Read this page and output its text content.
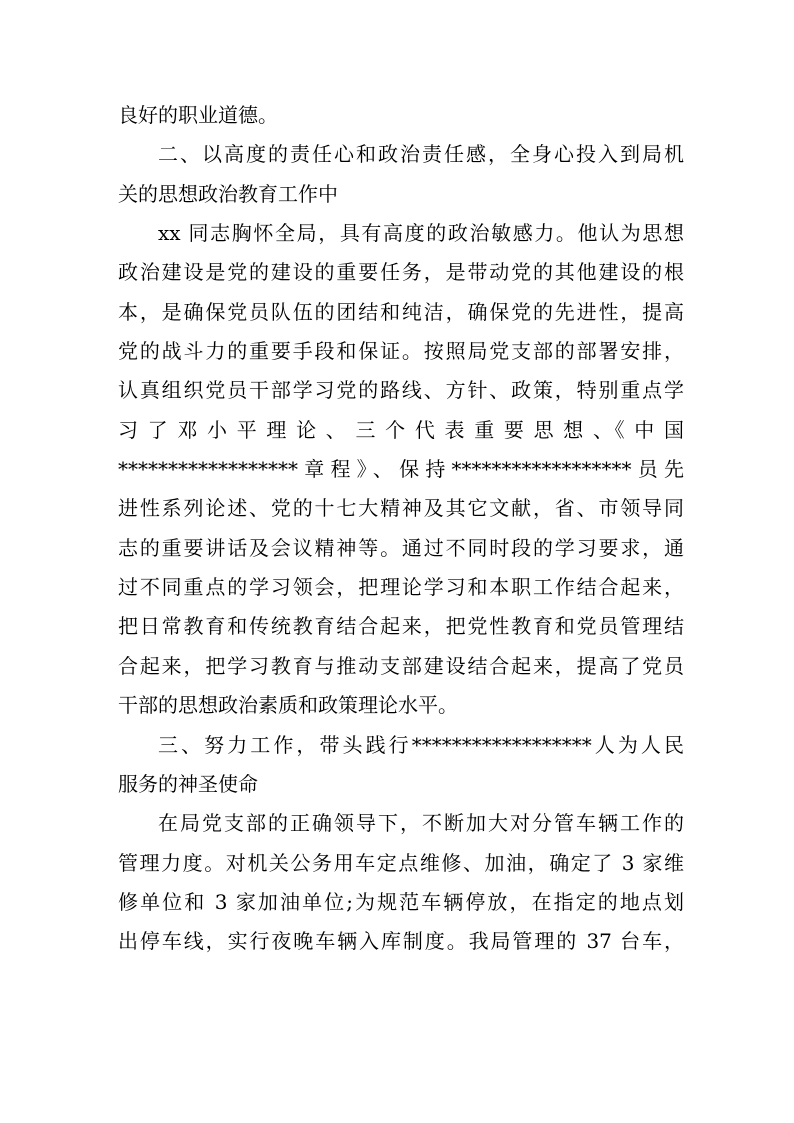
良好的职业道德。
二、以高度的责任心和政治责任感，全身心投入到局机
关的思想政治教育工作中
xx 同志胸怀全局，具有高度的政治敏感力。他认为思想
政治建设是党的建设的重要任务，是带动党的其他建设的根
本，是确保党员队伍的团结和纯洁，确保党的先进性，提高
党的战斗力的重要手段和保证。按照局党支部的部署安排，
认真组织党员干部学习党的路线、方针、政策，特别重点学
习 了 邓 小 平 理 论 、 三 个 代 表 重 要 思 想 、《 中 国
******************章程》、保持******************员先
进性系列论述、党的十七大精神及其它文献，省、市领导同
志的重要讲话及会议精神等。通过不同时段的学习要求，通
过不同重点的学习领会，把理论学习和本职工作结合起来，
把日常教育和传统教育结合起来，把党性教育和党员管理结
合起来，把学习教育与推动支部建设结合起来，提高了党员
干部的思想政治素质和政策理论水平。
三、努力工作，带头践行******************人为人民
服务的神圣使命
在局党支部的正确领导下，不断加大对分管车辆工作的
管理力度。对机关公务用车定点维修、加油，确定了 3 家维
修单位和 3 家加油单位;为规范车辆停放，在指定的地点划
出停车线，实行夜晚车辆入库制度。我局管理的 37 台车，
